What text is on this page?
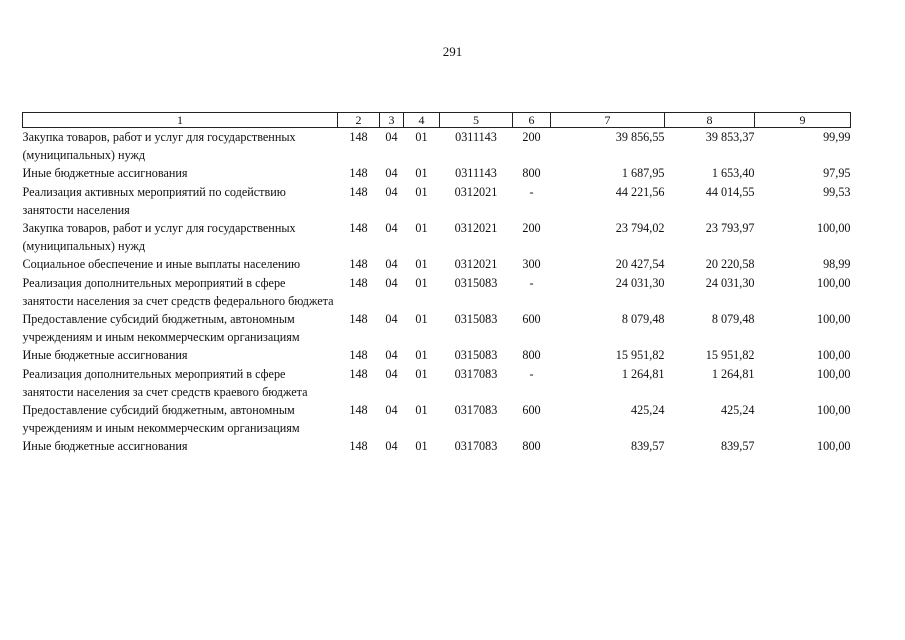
291
1	2	3	4	5	6	7	8	9
Закупка товаров, работ и услуг для государственных (муниципальных) нужд	148	04	01	0311143	200	39 856,55	39 853,37	99,99
Иные бюджетные ассигнования	148	04	01	0311143	800	1 687,95	1 653,40	97,95
Реализация активных мероприятий по содействию занятости населения	148	04	01	0312021	-	44 221,56	44 014,55	99,53
Закупка товаров, работ и услуг для государственных (муниципальных) нужд	148	04	01	0312021	200	23 794,02	23 793,97	100,00
Социальное обеспечение и иные выплаты населению	148	04	01	0312021	300	20 427,54	20 220,58	98,99
Реализация дополнительных мероприятий в сфере занятости населения за счет средств федерального бюджета	148	04	01	0315083	-	24 031,30	24 031,30	100,00
Предоставление субсидий бюджетным, автономным учреждениям и иным некоммерческим организациям	148	04	01	0315083	600	8 079,48	8 079,48	100,00
Иные бюджетные ассигнования	148	04	01	0315083	800	15 951,82	15 951,82	100,00
Реализация дополнительных мероприятий в сфере занятости населения за счет средств краевого бюджета	148	04	01	0317083	-	1 264,81	1 264,81	100,00
Предоставление субсидий бюджетным, автономным учреждениям и иным некоммерческим организациям	148	04	01	0317083	600	425,24	425,24	100,00
Иные бюджетные ассигнования	148	04	01	0317083	800	839,57	839,57	100,00
